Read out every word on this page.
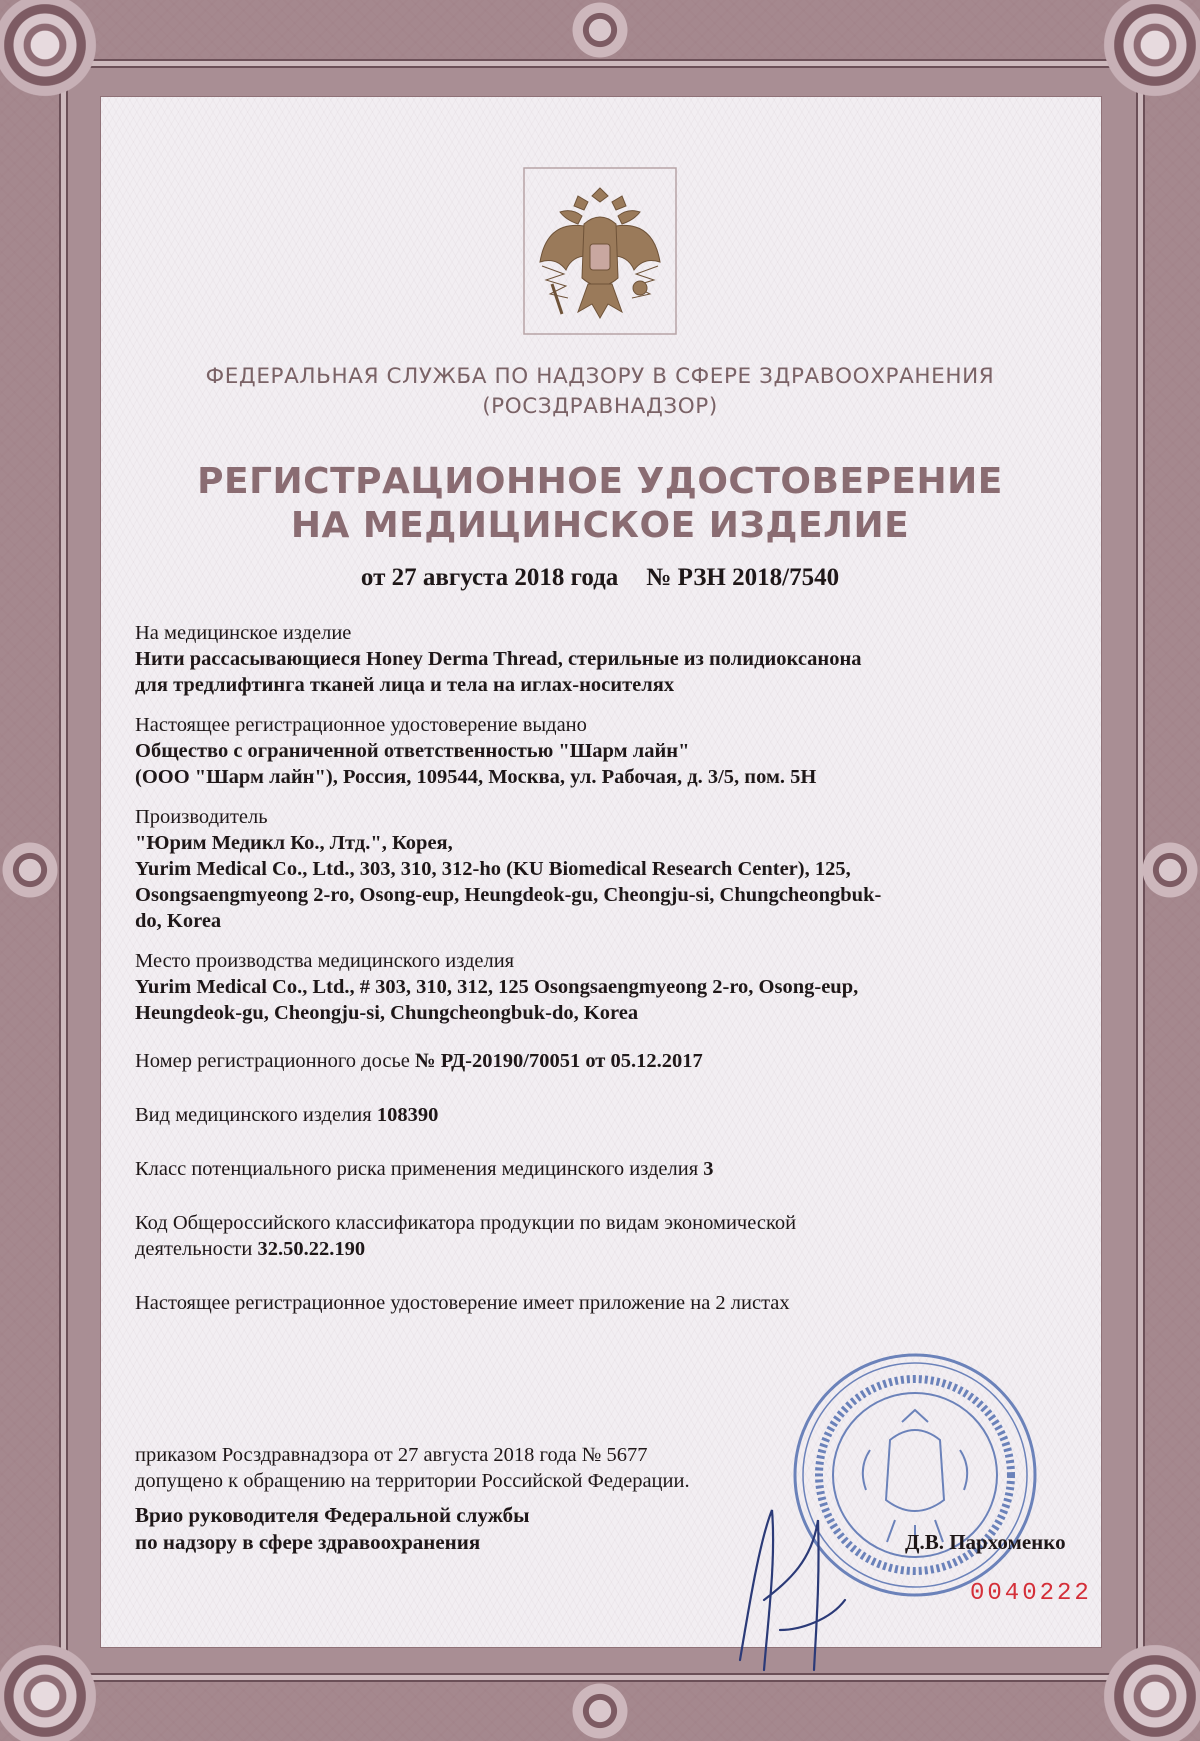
ФЕДЕРАЛЬНАЯ СЛУЖБА ПО НАДЗОРУ В СФЕРЕ ЗДРАВООХРАНЕНИЯ
(РОСЗДРАВНАДЗОР)
РЕГИСТРАЦИОННОЕ УДОСТОВЕРЕНИЕ
НА МЕДИЦИНСКОЕ ИЗДЕЛИЕ
от 27 августа 2018 года № РЗН 2018/7540
На медицинское изделие
Нити рассасывающиеся Honey Derma Thread, стерильные из полидиоксанона
для тредлифтинга тканей лица и тела на иглах-носителях
Настоящее регистрационное удостоверение выдано
Общество с ограниченной ответственностью "Шарм лайн"
(ООО "Шарм лайн"), Россия, 109544, Москва, ул. Рабочая, д. 3/5, пом. 5Н
Производитель
"Юрим Медикл Ко., Лтд.", Корея,
Yurim Medical Co., Ltd., 303, 310, 312-ho (KU Biomedical Research Center), 125,
Osongsaengmyeong 2-ro, Osong-eup, Heungdeok-gu, Cheongju-si, Chungcheongbuk-
do, Korea
Место производства медицинского изделия
Yurim Medical Co., Ltd., # 303, 310, 312, 125 Osongsaengmyeong 2-ro, Osong-eup,
Heungdeok-gu, Cheongju-si, Chungcheongbuk-do, Korea
Номер регистрационного досье № РД-20190/70051 от 05.12.2017
Вид медицинского изделия 108390
Класс потенциального риска применения медицинского изделия 3
Код Общероссийского классификатора продукции по видам экономической
деятельности 32.50.22.190
Настоящее регистрационное удостоверение имеет приложение на 2 листах
приказом Росздравнадзора от 27 августа 2018 года № 5677
допущено к обращению на территории Российской Федерации.
Врио руководителя Федеральной службы
по надзору в сфере здравоохранения	Д.В. Пархоменко
0040222
